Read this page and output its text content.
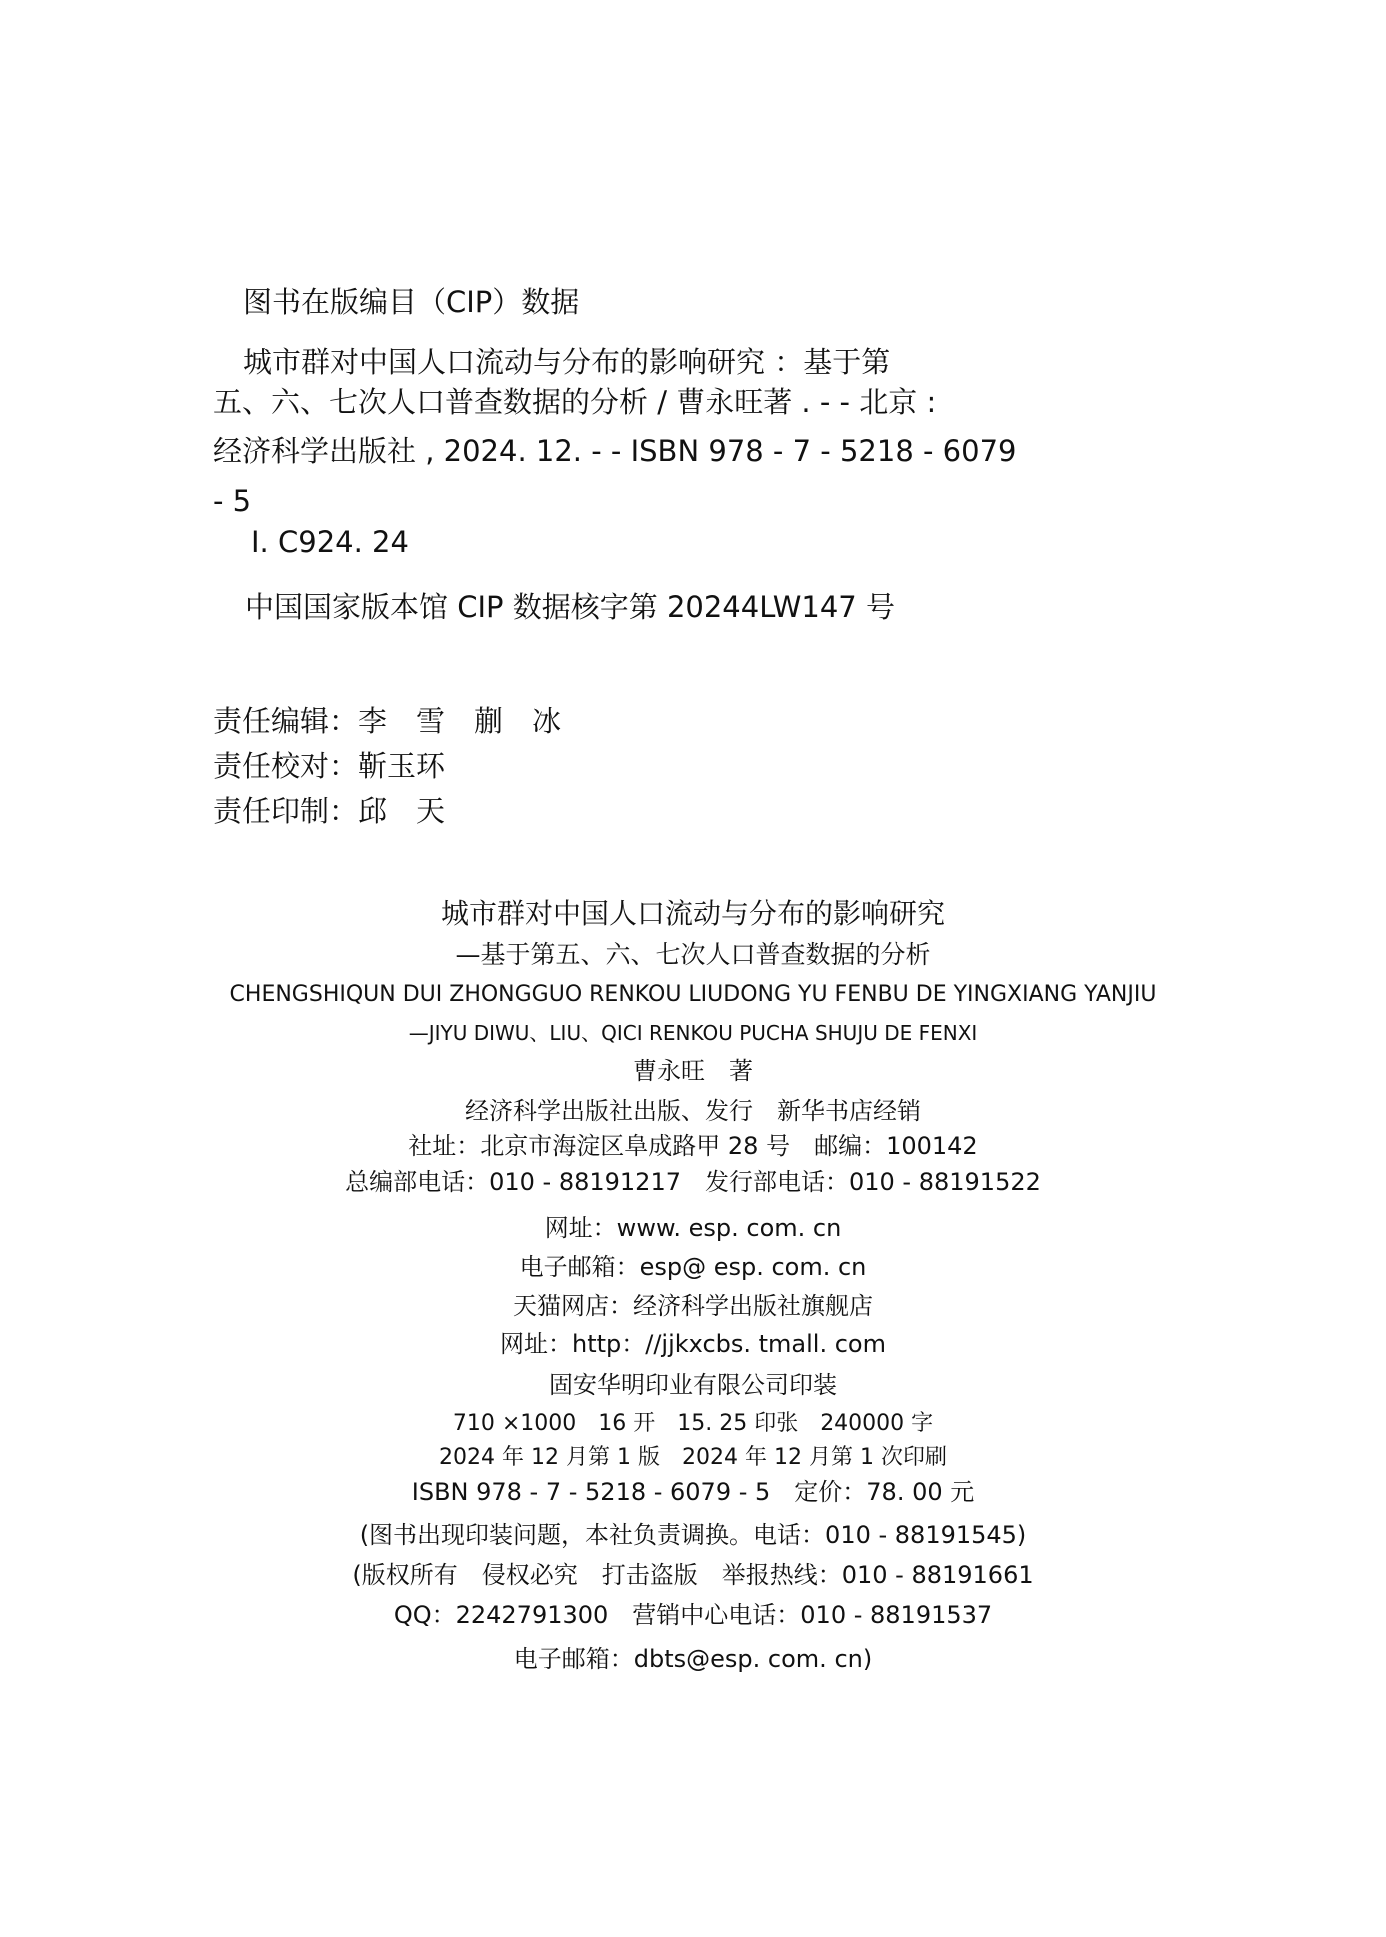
图书在版编目（CIP）数据
城市群对中国人口流动与分布的影响研究 ：基于第
五、六、七次人口普查数据的分析 / 曹永旺著 . - - 北京 :
经济科学出版社 , 2024. 12. - - ISBN 978 - 7 - 5218 - 6079
- 5
Ⅰ. C924. 24
中国国家版本馆 CIP 数据核字第 20244LW147 号
责任编辑：李　雪　蒯　冰
责任校对：靳玉环
责任印制：邱　天
城市群对中国人口流动与分布的影响研究
—基于第五、六、七次人口普查数据的分析
CHENGSHIQUN DUI ZHONGGUO RENKOU LIUDONG YU FENBU DE YINGXIANG YANJIU
—JIYU DIWU、LIU、QICI RENKOU PUCHA SHUJU DE FENXI
曹永旺　著
经济科学出版社出版、发行　新华书店经销
社址：北京市海淀区阜成路甲 28 号　邮编：100142
总编部电话：010 - 88191217　发行部电话：010 - 88191522
网址：www. esp. com. cn
电子邮箱：esp@ esp. com. cn
天猫网店：经济科学出版社旗舰店
网址：http：//jjkxcbs. tmall. com
固安华明印业有限公司印装
710 ×1000　16 开　15. 25 印张　240000 字
2024 年 12 月第 1 版　2024 年 12 月第 1 次印刷
ISBN 978 - 7 - 5218 - 6079 - 5　定价：78. 00 元
(图书出现印装问题，本社负责调换。电话：010 - 88191545)
(版权所有　侵权必究　打击盗版　举报热线：010 - 88191661
QQ：2242791300　营销中心电话：010 - 88191537
电子邮箱：dbts@esp. com. cn)
